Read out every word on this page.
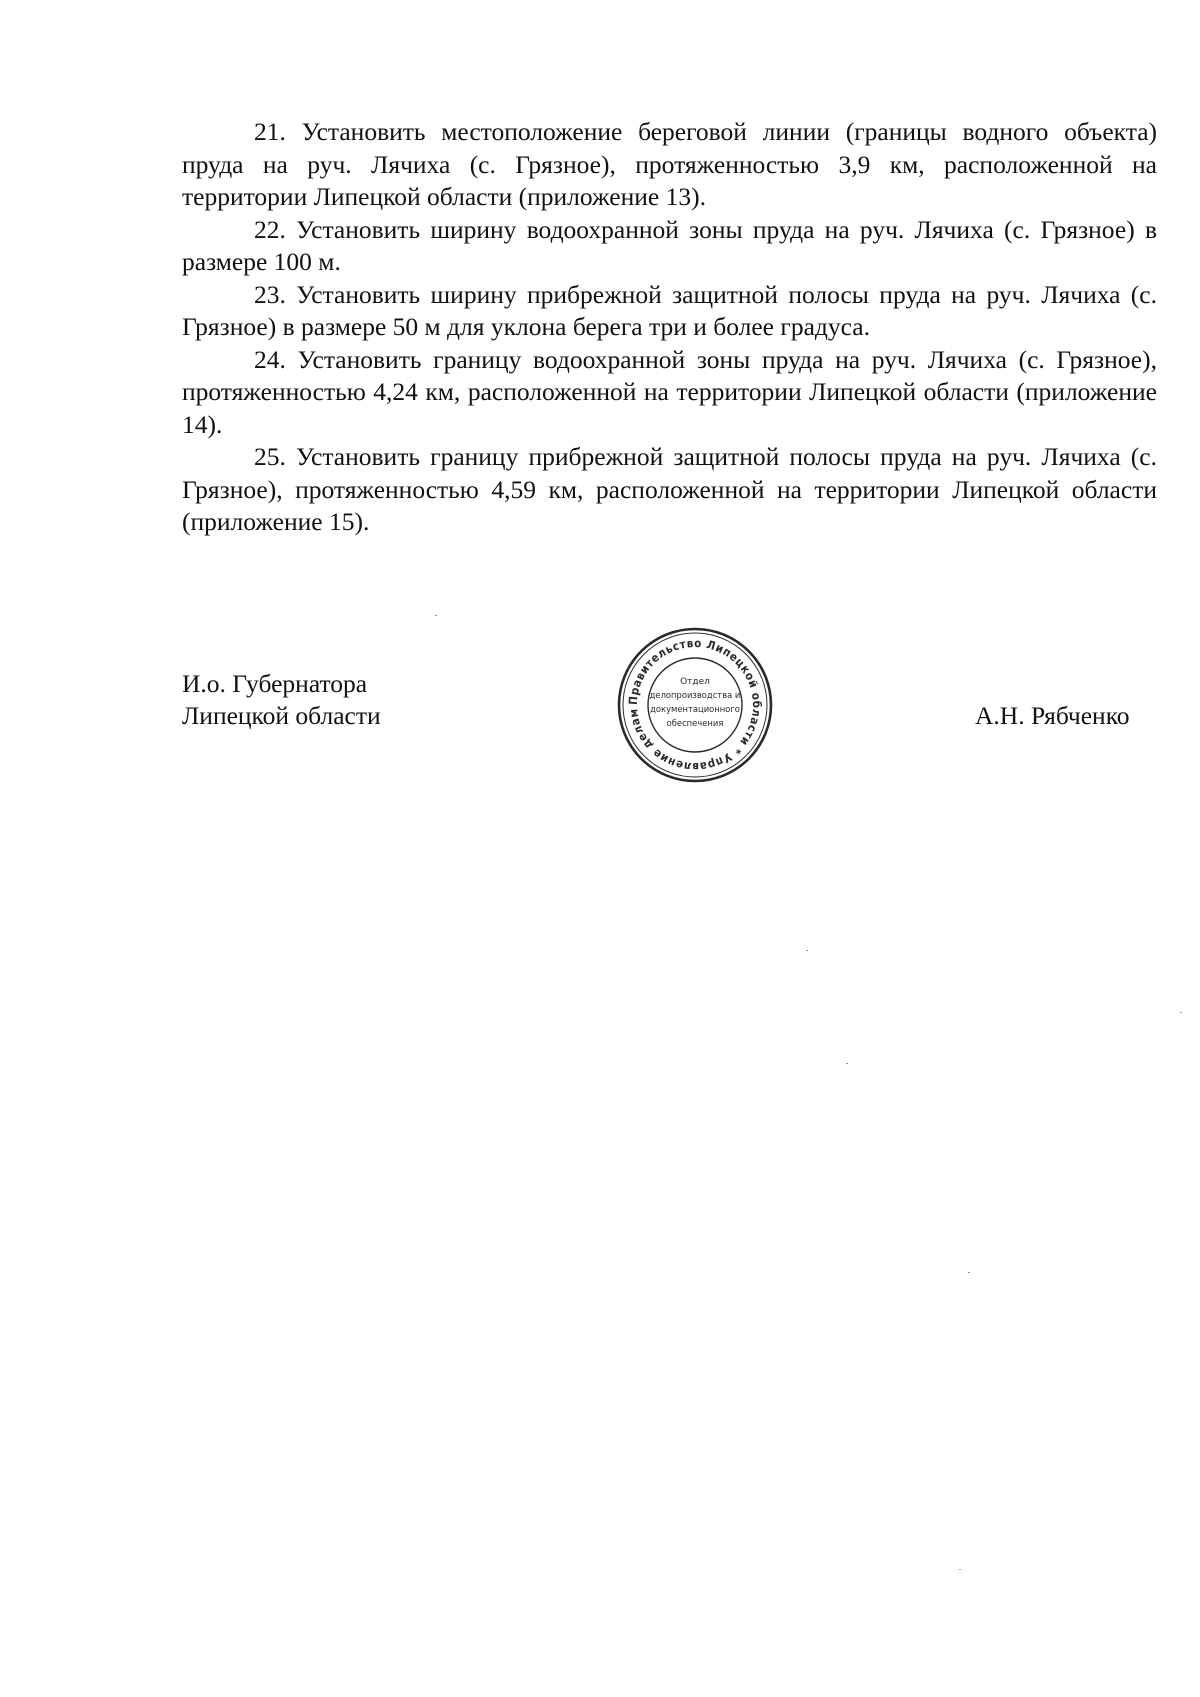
21. Установить местоположение береговой линии (границы водного объекта) пруда на руч. Лячиха (с. Грязное), протяженностью 3,9 км, расположенной на территории Липецкой области (приложение 13).

22. Установить ширину водоохранной зоны пруда на руч. Лячиха (с. Грязное) в размере 100 м.

23. Установить ширину прибрежной защитной полосы пруда на руч. Лячиха (с. Грязное) в размере 50 м для уклона берега три и более градуса.

24. Установить границу водоохранной зоны пруда на руч. Лячиха (с. Грязное), протяженностью 4,24 км, расположенной на территории Липецкой области (приложение 14).

25. Установить границу прибрежной защитной полосы пруда на руч. Лячиха (с. Грязное), протяженностью 4,59 км, расположенной на территории Липецкой области (приложение 15).

И.о. Губернатора
Липецкой области
Правительство Липецкой области * Управление делам
Отдел
делопроизводства и
документационного
обеспечения	А.Н. Рябченко
